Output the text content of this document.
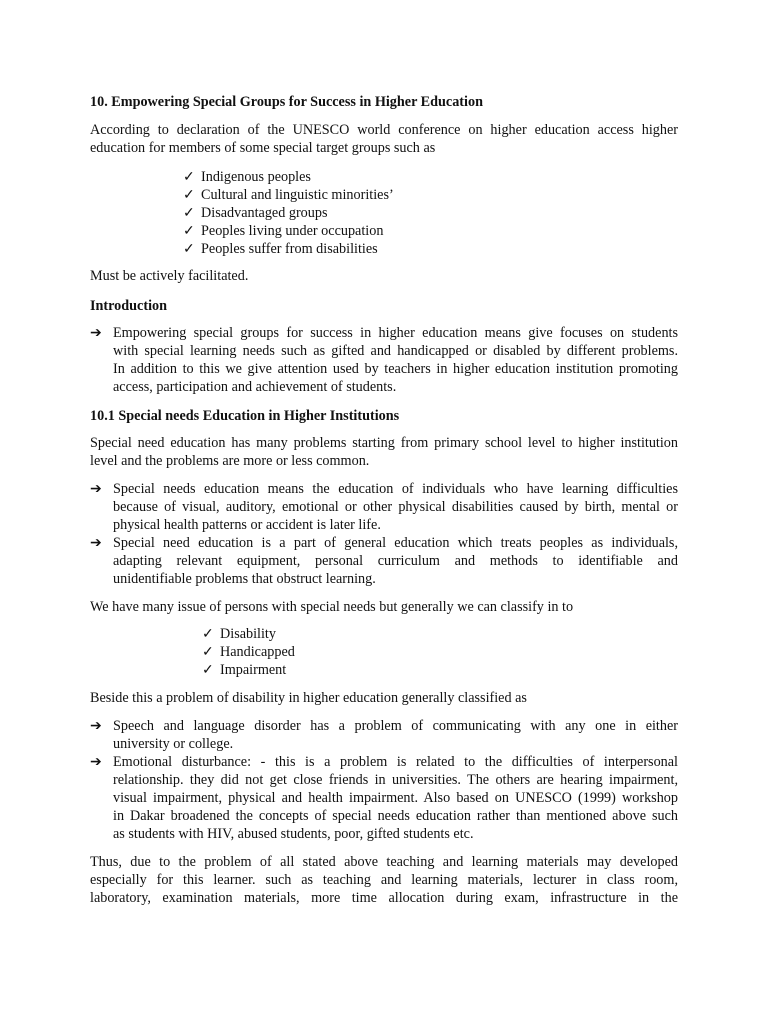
10. Empowering Special Groups for Success in Higher Education
According to declaration of the UNESCO world conference on higher education access higher
education for members of some special target groups such as
✓ Indigenous peoples
✓ Cultural and linguistic minorities’
✓ Disadvantaged groups
✓ Peoples living under occupation
✓ Peoples suffer from disabilities
Must be actively facilitated.
Introduction
➔ Empowering special groups for success in higher education means give focuses on students
with special learning needs such as gifted and handicapped or disabled by different problems.
In addition to this we give attention used by teachers in higher education institution promoting
access, participation and achievement of students.
10.1 Special needs Education in Higher Institutions
Special need education has many problems starting from primary school level to higher institution
level and the problems are more or less common.
➔ Special needs education means the education of individuals who have learning difficulties
because of visual, auditory, emotional or other physical disabilities caused by birth, mental or
physical health patterns or accident is later life.
➔ Special need education is a part of general education which treats peoples as individuals,
adapting relevant equipment, personal curriculum and methods to identifiable and
unidentifiable problems that obstruct learning.
We have many issue of persons with special needs but generally we can classify in to
✓ Disability
✓ Handicapped
✓ Impairment
Beside this a problem of disability in higher education generally classified as
➔ Speech and language disorder has a problem of communicating with any one in either
university or college.
➔ Emotional disturbance: - this is a problem is related to the difficulties of interpersonal
relationship. they did not get close friends in universities. The others are hearing impairment,
visual impairment, physical and health impairment. Also based on UNESCO (1999) workshop
in Dakar broadened the concepts of special needs education rather than mentioned above such
as students with HIV, abused students, poor, gifted students etc.
Thus, due to the problem of all stated above teaching and learning materials may developed
especially for this learner. such as teaching and learning materials, lecturer in class room,
laboratory, examination materials, more time allocation during exam, infrastructure in the
